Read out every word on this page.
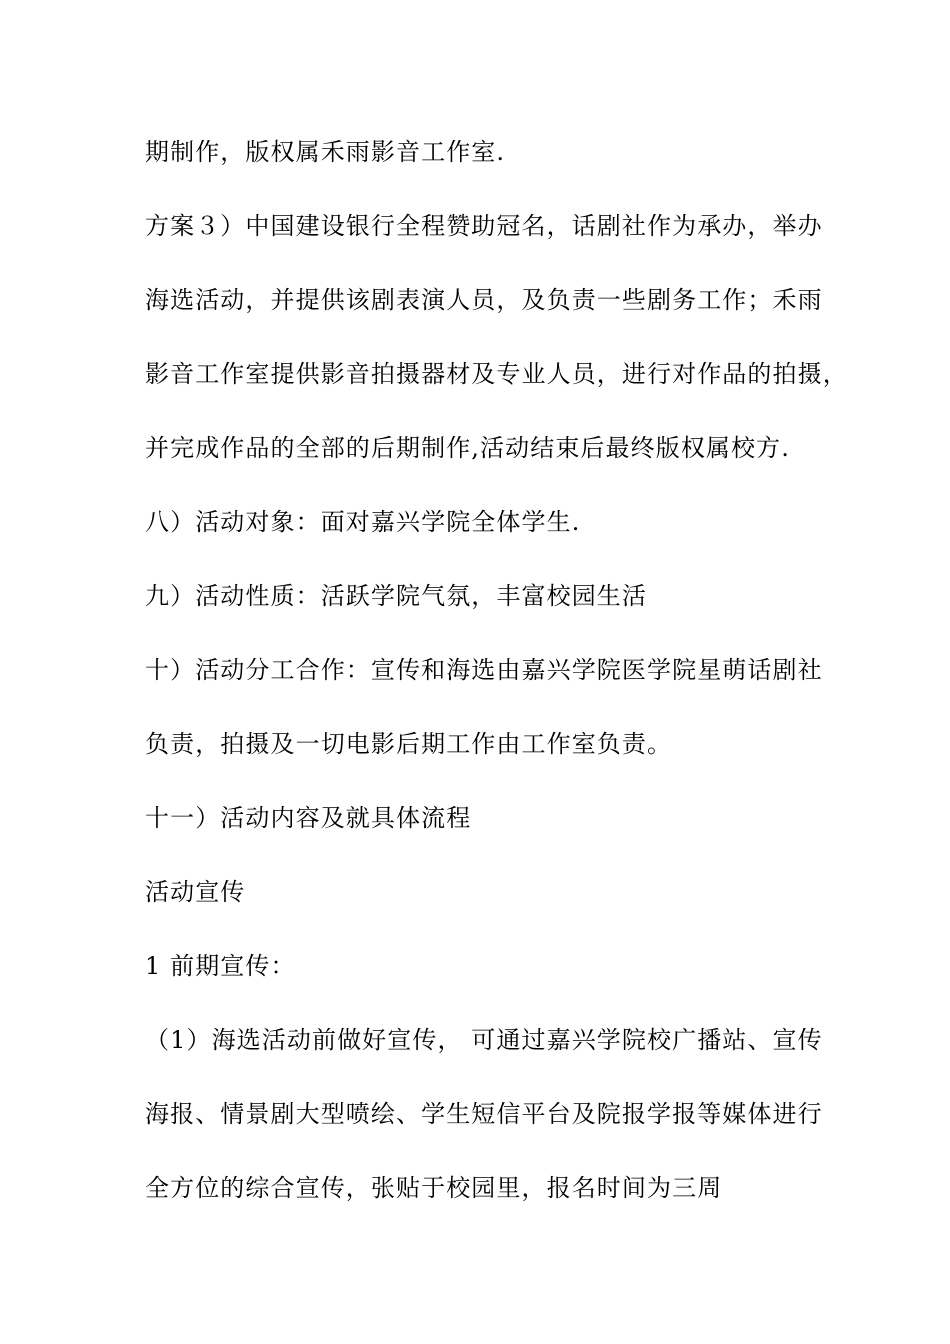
期制作，版权属禾雨影音工作室.

方案３）中国建设银行全程赞助冠名，话剧社作为承办，举办

海选活动，并提供该剧表演人员，及负责一些剧务工作；禾雨

影音工作室提供影音拍摄器材及专业人员，进行对作品的拍摄，

并完成作品的全部的后期制作,活动结束后最终版权属校方.

八）活动对象：面对嘉兴学院全体学生.

九）活动性质：活跃学院气氛，丰富校园生活

十）活动分工合作：宣传和海选由嘉兴学院医学院星萌话剧社

负责，拍摄及一切电影后期工作由工作室负责。

十一）活动内容及就具体流程

活动宣传

1 前期宣传：

（1）海选活动前做好宣传， 可通过嘉兴学院校广播站、宣传

海报、情景剧大型喷绘、学生短信平台及院报学报等媒体进行

全方位的综合宣传，张贴于校园里，报名时间为三周
